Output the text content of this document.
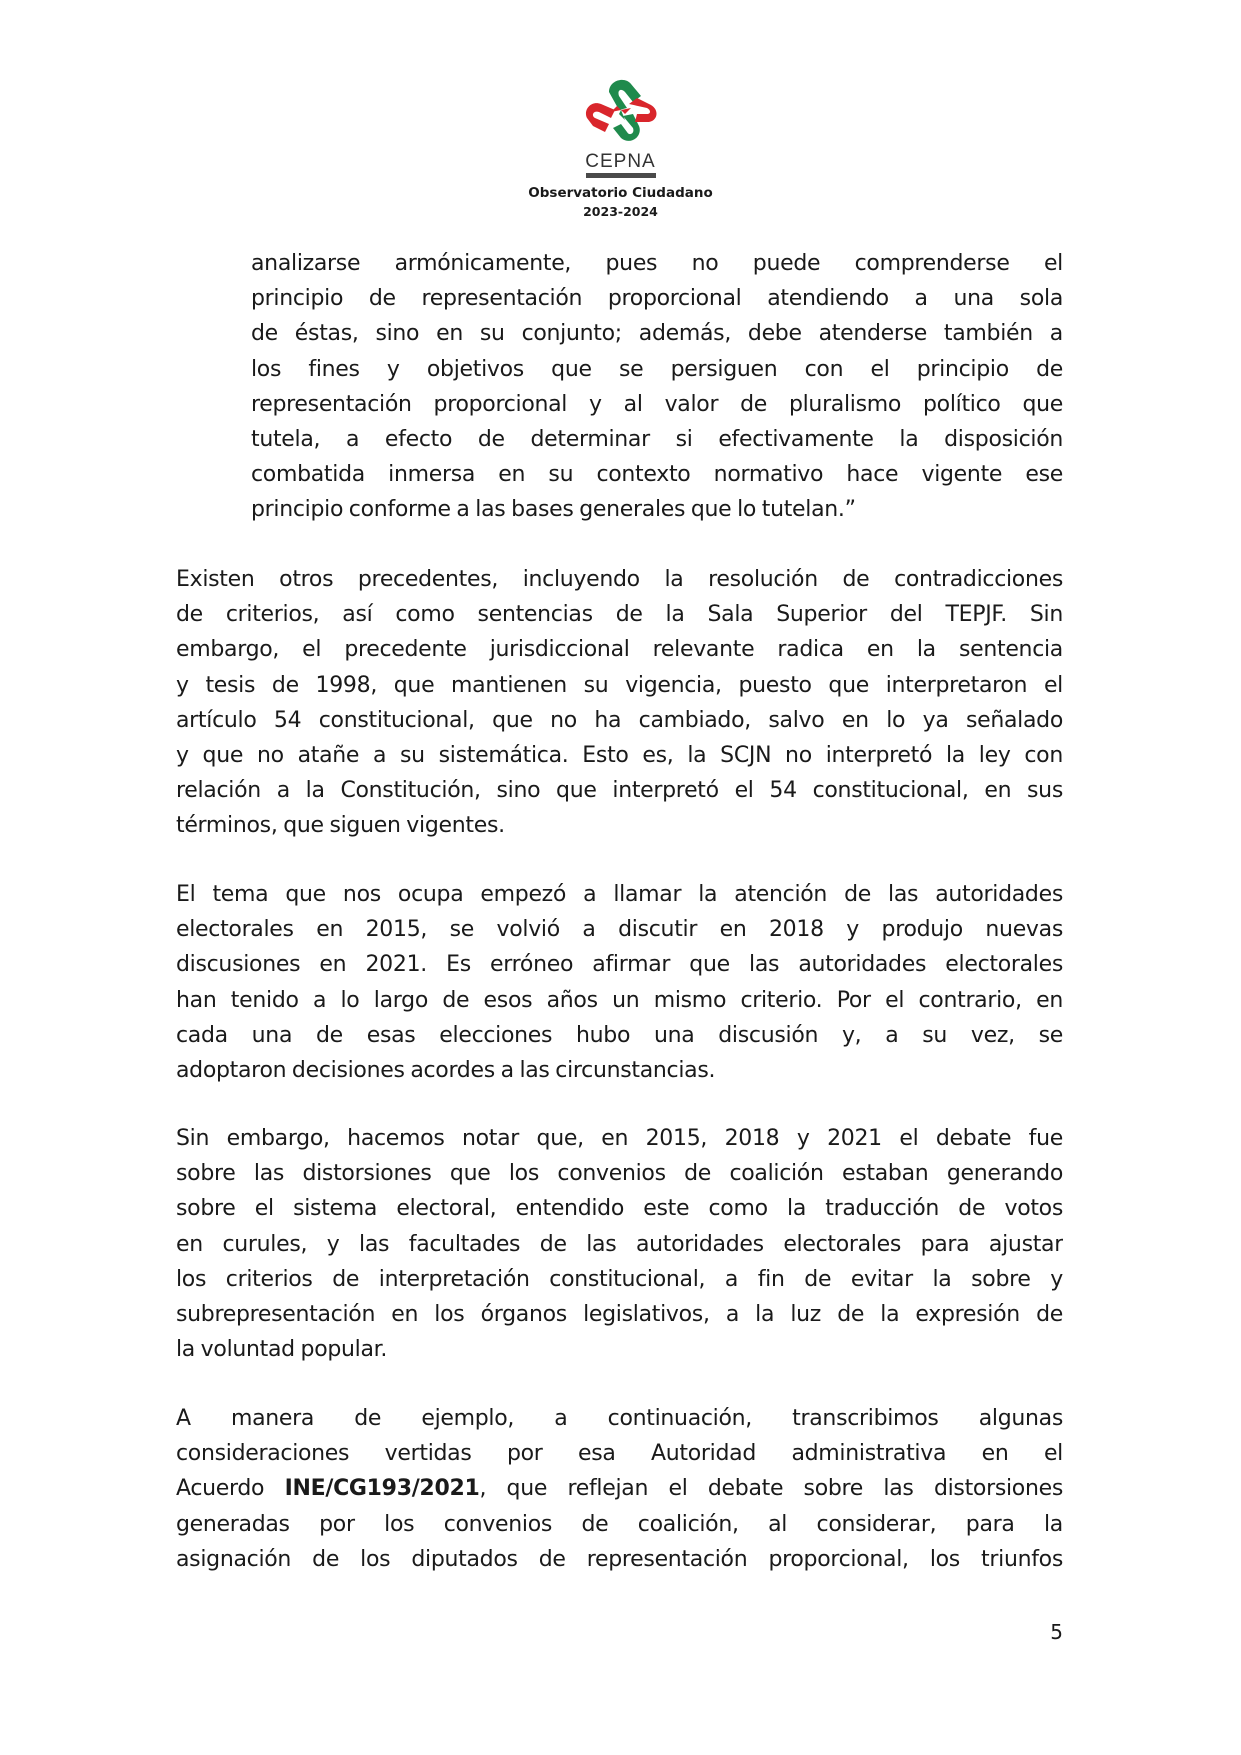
CEPNA
Observatorio Ciudadano
2023-2024
analizarse armónicamente, pues no puede comprenderse el
principio de representación proporcional atendiendo a una sola
de éstas, sino en su conjunto; además, debe atenderse también a
los fines y objetivos que se persiguen con el principio de
representación proporcional y al valor de pluralismo político que
tutela, a efecto de determinar si efectivamente la disposición
combatida inmersa en su contexto normativo hace vigente ese
principio conforme a las bases generales que lo tutelan.”
Existen otros precedentes, incluyendo la resolución de contradicciones
de criterios, así como sentencias de la Sala Superior del TEPJF. Sin
embargo, el precedente jurisdiccional relevante radica en la sentencia
y tesis de 1998, que mantienen su vigencia, puesto que interpretaron el
artículo 54 constitucional, que no ha cambiado, salvo en lo ya señalado
y que no atañe a su sistemática. Esto es, la SCJN no interpretó la ley con
relación a la Constitución, sino que interpretó el 54 constitucional, en sus
términos, que siguen vigentes.
El tema que nos ocupa empezó a llamar la atención de las autoridades
electorales en 2015, se volvió a discutir en 2018 y produjo nuevas
discusiones en 2021. Es erróneo afirmar que las autoridades electorales
han tenido a lo largo de esos años un mismo criterio. Por el contrario, en
cada una de esas elecciones hubo una discusión y, a su vez, se
adoptaron decisiones acordes a las circunstancias.
Sin embargo, hacemos notar que, en 2015, 2018 y 2021 el debate fue
sobre las distorsiones que los convenios de coalición estaban generando
sobre el sistema electoral, entendido este como la traducción de votos
en curules, y las facultades de las autoridades electorales para ajustar
los criterios de interpretación constitucional, a fin de evitar la sobre y
subrepresentación en los órganos legislativos, a la luz de la expresión de
la voluntad popular.
A manera de ejemplo, a continuación, transcribimos algunas
consideraciones vertidas por esa Autoridad administrativa en el
Acuerdo INE/CG193/2021, que reflejan el debate sobre las distorsiones
generadas por los convenios de coalición, al considerar, para la
asignación de los diputados de representación proporcional, los triunfos
5
